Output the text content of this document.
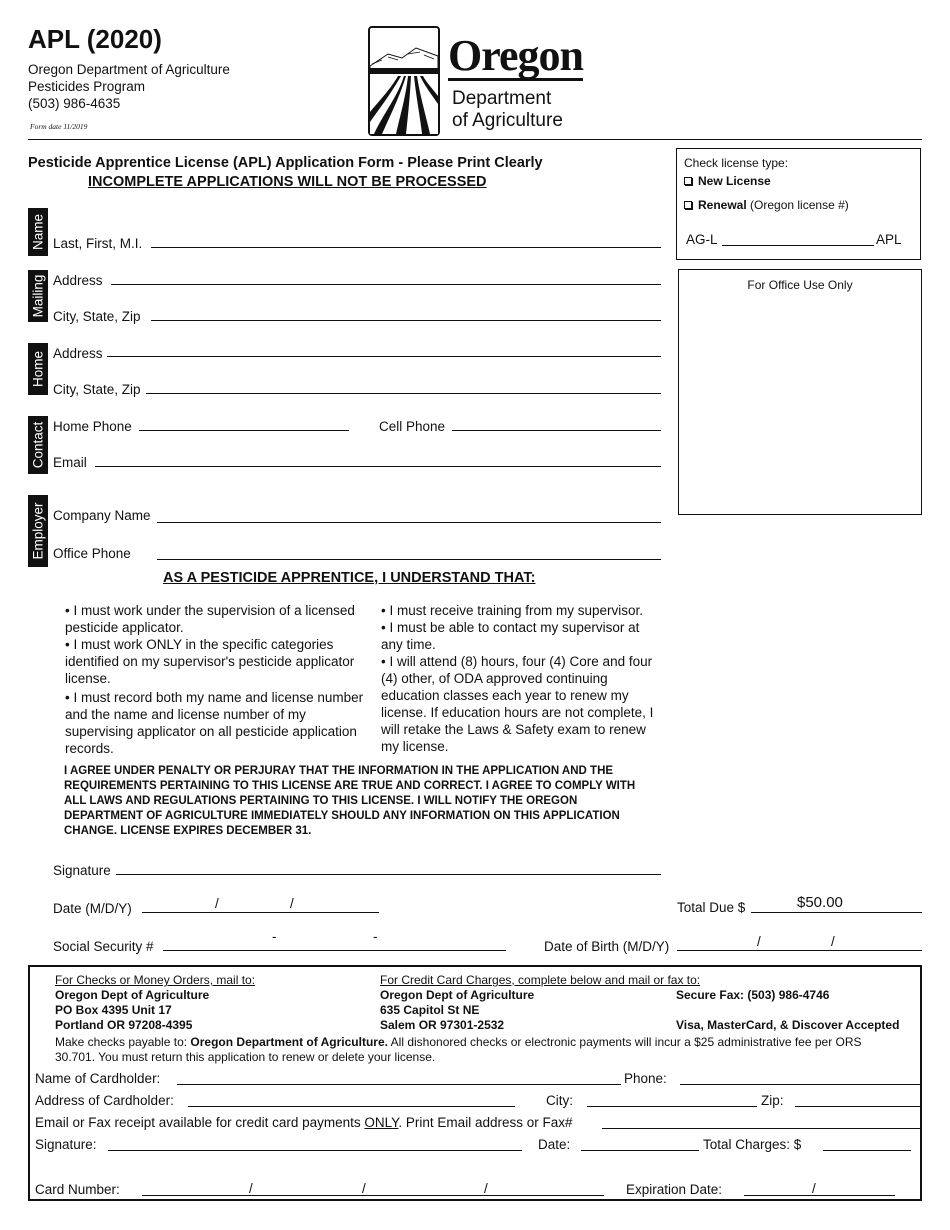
APL (2020)
Oregon Department of Agriculture
Pesticides Program
(503) 986-4635
Form date 11/2019
Oregon
Department
of Agriculture
Pesticide Apprentice License (APL) Application Form - Please Print Clearly
INCOMPLETE APPLICATIONS WILL NOT BE PROCESSED
Check license type:
New License
Renewal (Oregon license #)
AG-L	APL
For Office Use Only
Name
Mailing
Home
Contact
Employer
Last, First, M.I.
Address
City, State, Zip
Address
City, State, Zip
Home Phone	Cell Phone
Email
Company Name
Office Phone
AS A PESTICIDE APPRENTICE, I UNDERSTAND THAT:

• I must work under the supervision of a licensed pesticide applicator.

• I must work ONLY in the specific categories identified on my supervisor's pesticide applicator license.

• I must record both my name and license number and the name and license number of my supervising applicator on all pesticide application records.

• I must receive training from my supervisor.

• I must be able to contact my supervisor at any time.

• I will attend (8) hours, four (4) Core and four (4) other, of ODA approved continuing education classes each year to renew my license. If education hours are not complete, I will retake the Laws & Safety exam to renew my license.

I AGREE UNDER PENALTY OR PERJURAY THAT THE INFORMATION IN THE APPLICATION AND THE REQUIREMENTS PERTAINING TO THIS LICENSE ARE TRUE AND CORRECT. I AGREE TO COMPLY WITH ALL LAWS AND REGULATIONS PERTAINING TO THIS LICENSE. I WILL NOTIFY THE OREGON DEPARTMENT OF AGRICULTURE IMMEDIATELY SHOULD ANY INFORMATION ON THIS APPLICATION CHANGE. LICENSE EXPIRES DECEMBER 31.
Signature
Date (M/D/Y)	/	/	Total Due $	$50.00
Social Security #
-	-
Date of Birth (M/D/Y)	/	/
For Checks or Money Orders, mail to:
Oregon Dept of Agriculture
PO Box 4395 Unit 17
Portland OR 97208-4395
For Credit Card Charges, complete below and mail or fax to:
Oregon Dept of Agriculture
635 Capitol St NE
Salem OR 97301-2532
Secure Fax: (503) 986-4746
Visa, MasterCard, & Discover Accepted
Make checks payable to: Oregon Department of Agriculture. All dishonored checks or electronic payments will incur a $25 administrative fee per ORS 30.701. You must return this application to renew or delete your license.
Name of Cardholder:	Phone:
Address of Cardholder:	City:	Zip:
Email or Fax receipt available for credit card payments ONLY. Print Email address or Fax#
Signature:	Date:	Total Charges: $
Card Number:	/	/	/	Expiration Date:	/
